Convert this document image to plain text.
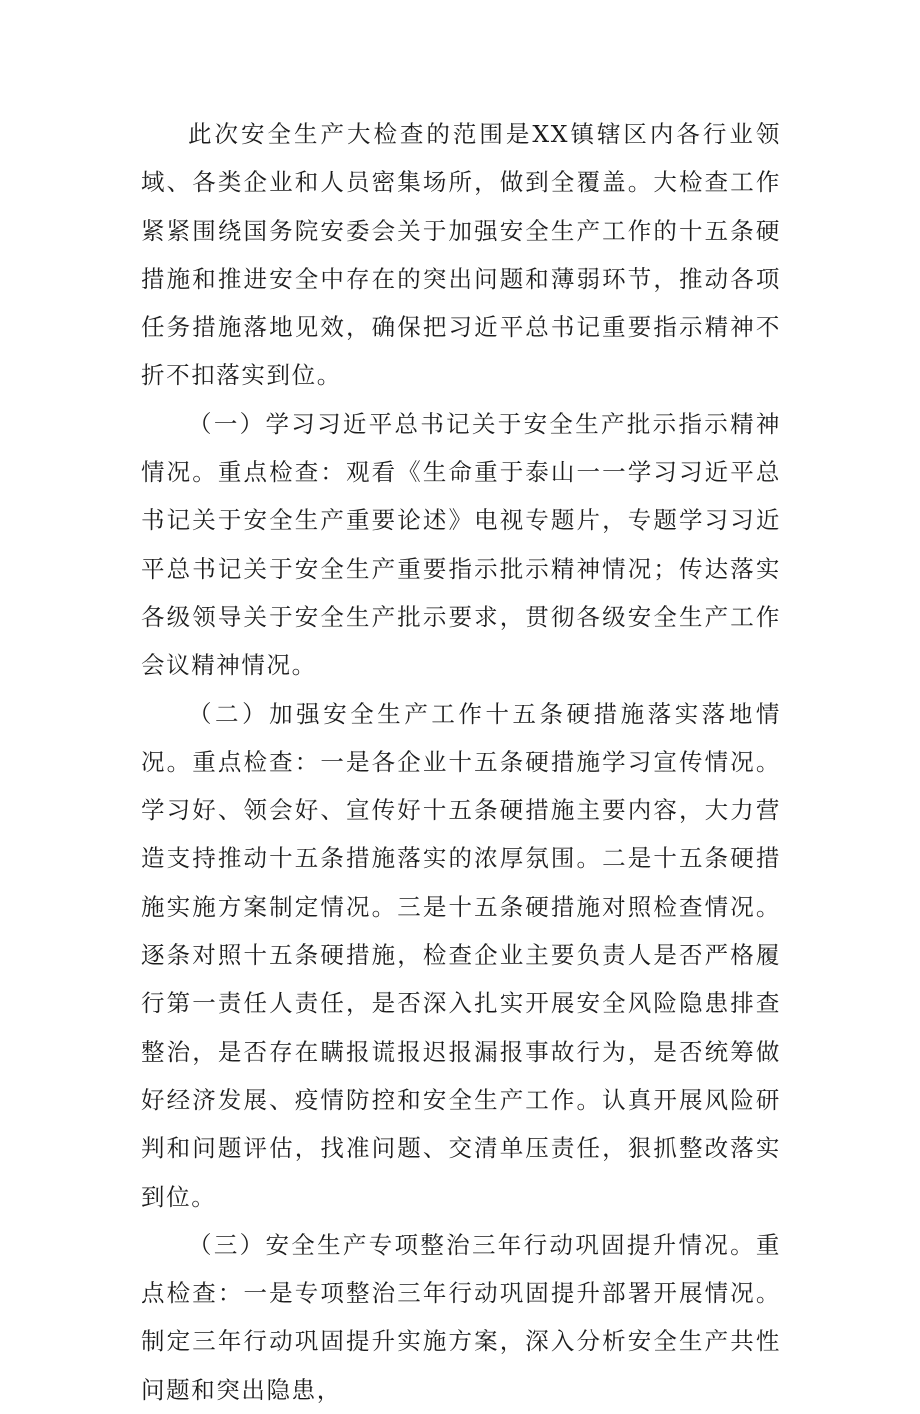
此次安全生产大检查的范围是XX镇辖区内各行业领域、各类企业和人员密集场所，做到全覆盖。大检查工作紧紧围绕国务院安委会关于加强安全生产工作的十五条硬措施和推进安全中存在的突出问题和薄弱环节，推动各项任务措施落地见效，确保把习近平总书记重要指示精神不折不扣落实到位。

（一）学习习近平总书记关于安全生产批示指示精神情况。重点检查：观看《生命重于泰山一一学习习近平总书记关于安全生产重要论述》电视专题片，专题学习习近平总书记关于安全生产重要指示批示精神情况；传达落实各级领导关于安全生产批示要求，贯彻各级安全生产工作会议精神情况。

（二）加强安全生产工作十五条硬措施落实落地情况。重点检查：一是各企业十五条硬措施学习宣传情况。学习好、领会好、宣传好十五条硬措施主要内容，大力营造支持推动十五条措施落实的浓厚氛围。二是十五条硬措施实施方案制定情况。三是十五条硬措施对照检查情况。逐条对照十五条硬措施，检查企业主要负责人是否严格履行第一责任人责任，是否深入扎实开展安全风险隐患排查整治，是否存在瞒报谎报迟报漏报事故行为，是否统筹做好经济发展、疫情防控和安全生产工作。认真开展风险研判和问题评估，找准问题、交清单压责任，狠抓整改落实到位。

（三）安全生产专项整治三年行动巩固提升情况。重点检查：一是专项整治三年行动巩固提升部署开展情况。制定三年行动巩固提升实施方案，深入分析安全生产共性问题和突出隐患，
